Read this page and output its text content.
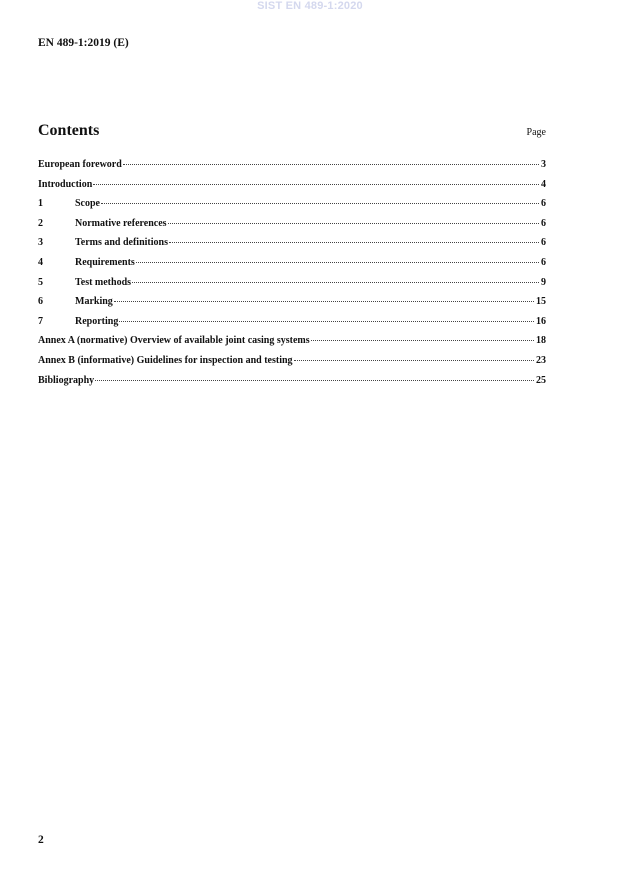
SIST EN 489-1:2020
EN 489-1:2019 (E)
Contents	Page
European foreword	3
Introduction	4
1	Scope	6
2	Normative references	6
3	Terms and definitions	6
4	Requirements	6
5	Test methods	9
6	Marking	15
7	Reporting	16
Annex A (normative) Overview of available joint casing systems	18
Annex B (informative) Guidelines for inspection and testing	23
Bibliography	25
2
